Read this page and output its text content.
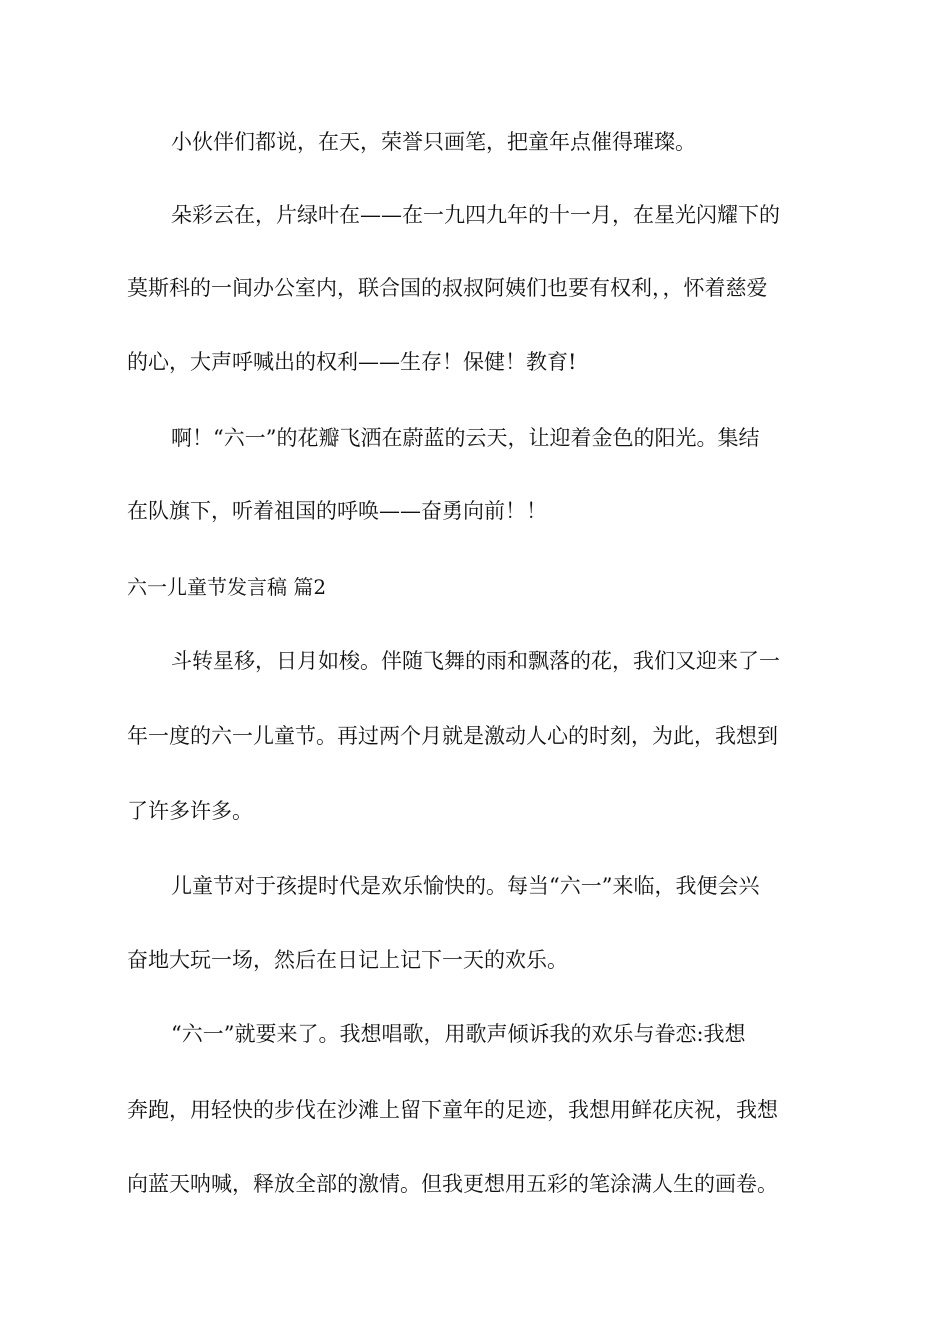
小伙伴们都说，在天，荣誉只画笔，把童年点催得璀璨。
朵彩云在，片绿叶在——在一九四九年的十一月，在星光闪耀下的
莫斯科的一间办公室内，联合国的叔叔阿姨们也要有权利，，怀着慈爱
的心，大声呼喊出的权利——生存！保健！教育!
啊！“六一”的花瓣飞洒在蔚蓝的云天，让迎着金色的阳光。集结
在队旗下，听着祖国的呼唤——奋勇向前！！
六一儿童节发言稿 篇2
斗转星移，日月如梭。伴随飞舞的雨和飘落的花，我们又迎来了一
年一度的六一儿童节。再过两个月就是激动人心的时刻，为此，我想到
了许多许多。
儿童节对于孩提时代是欢乐愉快的。每当“六一”来临，我便会兴
奋地大玩一场，然后在日记上记下一天的欢乐。
“六一”就要来了。我想唱歌，用歌声倾诉我的欢乐与眷恋:我想
奔跑，用轻快的步伐在沙滩上留下童年的足迹，我想用鲜花庆祝，我想
向蓝天呐喊，释放全部的激情。但我更想用五彩的笔涂满人生的画卷。
